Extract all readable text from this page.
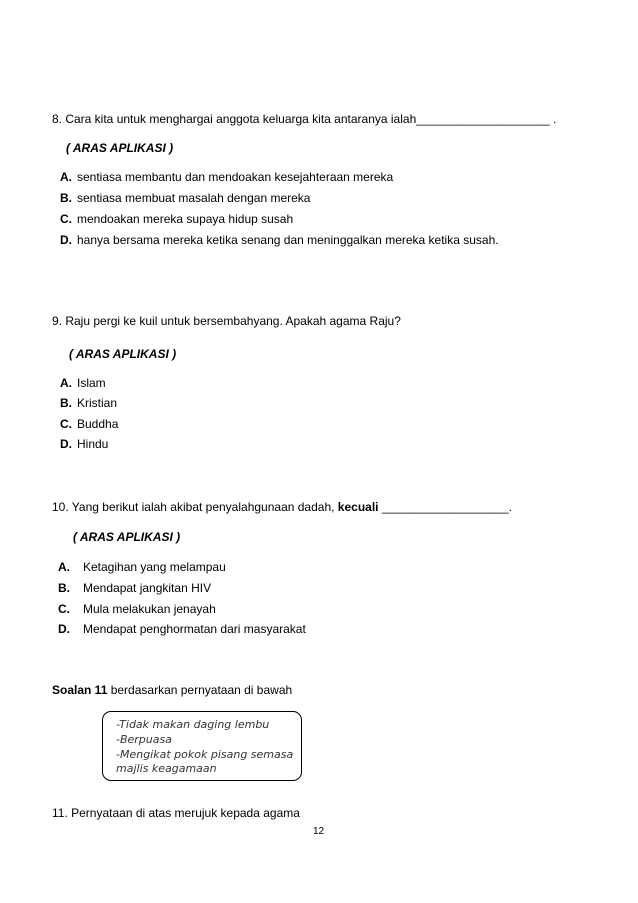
8. Cara kita untuk menghargai anggota keluarga kita antaranya ialah____________________ .
( ARAS APLIKASI )
A. sentiasa membantu dan mendoakan kesejahteraan mereka
B. sentiasa membuat masalah dengan mereka
C. mendoakan mereka supaya hidup susah
D. hanya bersama mereka ketika senang dan meninggalkan mereka ketika susah.
9. Raju pergi ke kuil untuk bersembahyang. Apakah agama Raju?
( ARAS APLIKASI )
A. Islam
B. Kristian
C. Buddha
D. Hindu
10. Yang berikut ialah akibat penyalahgunaan dadah, kecuali ___________________.
( ARAS APLIKASI )
A. Ketagihan yang melampau
B. Mendapat jangkitan HIV
C. Mula melakukan jenayah
D. Mendapat penghormatan dari masyarakat
Soalan 11 berdasarkan pernyataan di bawah
-Tidak makan daging lembu
-Berpuasa
-Mengikat pokok pisang semasa
majlis keagamaan
11. Pernyataan di atas merujuk kepada agama
12
